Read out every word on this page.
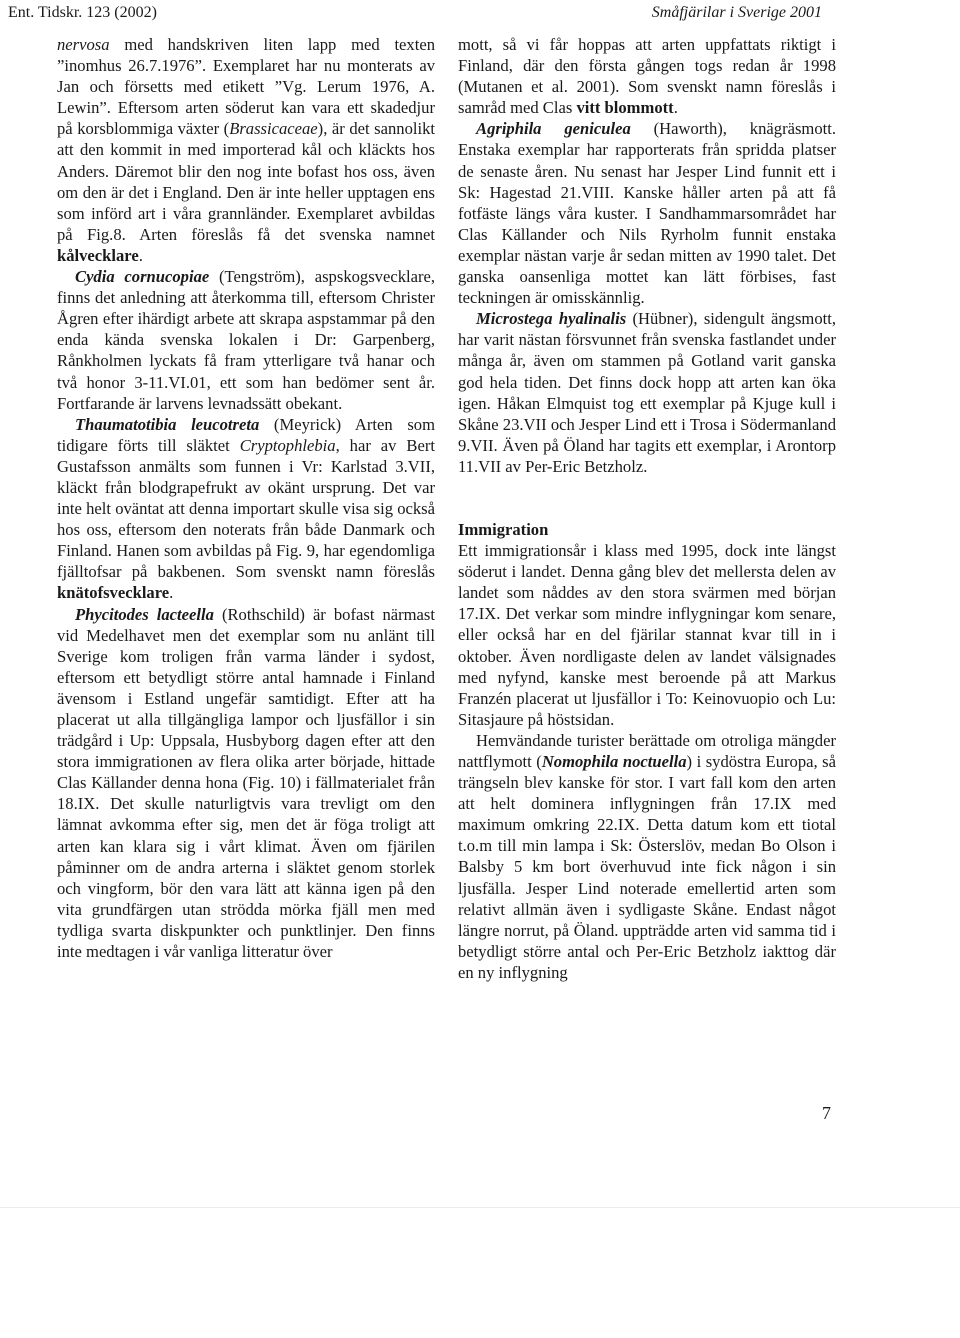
Ent. Tidskr. 123 (2002)	Småfjärilar i Sverige 2001

nervosa med handskriven liten lapp med texten ”inomhus 26.7.1976”. Exemplaret har nu monterats av Jan och försetts med etikett ”Vg. Lerum 1976, A. Lewin”. Eftersom arten söderut kan vara ett skadedjur på korsblommiga växter (Brassicaceae), är det sannolikt att den kommit in med importerad kål och kläckts hos Anders. Däremot blir den nog inte bofast hos oss, även om den är det i England. Den är inte heller upptagen ens som införd art i våra grannländer. Exemplaret avbildas på Fig.8. Arten föreslås få det svenska namnet kålvecklare.

Cydia cornucopiae (Tengström), aspskogsvecklare, finns det anledning att återkomma till, eftersom Christer Ågren efter ihärdigt arbete att skrapa aspstammar på den enda kända svenska lokalen i Dr: Garpenberg, Rånkholmen lyckats få fram ytterligare två hanar och två honor 3-11.VI.01, ett som han bedömer sent år. Fortfarande är larvens levnadssätt obekant.

Thaumatotibia leucotreta (Meyrick) Arten som tidigare förts till släktet Cryptophlebia, har av Bert Gustafsson anmälts som funnen i Vr: Karlstad 3.VII, kläckt från blodgrapefrukt av okänt ursprung. Det var inte helt oväntat att denna importart skulle visa sig också hos oss, eftersom den noterats från både Danmark och Finland. Hanen som avbildas på Fig. 9, har egendomliga fjälltofsar på bakbenen. Som svenskt namn föreslås knätofsvecklare.

Phycitodes lacteella (Rothschild) är bofast närmast vid Medelhavet men det exemplar som nu anlänt till Sverige kom troligen från varma länder i sydost, eftersom ett betydligt större antal hamnade i Finland ävensom i Estland ungefär samtidigt. Efter att ha placerat ut alla tillgängliga lampor och ljusfällor i sin trädgård i Up: Uppsala, Husbyborg dagen efter att den stora immigrationen av flera olika arter började, hittade Clas Källander denna hona (Fig. 10) i fällmaterialet från 18.IX. Det skulle naturligtvis vara trevligt om den lämnat avkomma efter sig, men det är föga troligt att arten kan klara sig i vårt klimat. Även om fjärilen påminner om de andra arterna i släktet genom storlek och vingform, bör den vara lätt att känna igen på den vita grundfärgen utan strödda mörka fjäll men med tydliga svarta diskpunkter och punktlinjer. Den finns inte medtagen i vår vanliga litteratur över

mott, så vi får hoppas att arten uppfattats riktigt i Finland, där den första gången togs redan år 1998 (Mutanen et al. 2001). Som svenskt namn föreslås i samråd med Clas vitt blommott.

Agriphila geniculea (Haworth), knägräsmott. Enstaka exemplar har rapporterats från spridda platser de senaste åren. Nu senast har Jesper Lind funnit ett i Sk: Hagestad 21.VIII. Kanske håller arten på att få fotfäste längs våra kuster. I Sandhammarsområdet har Clas Källander och Nils Ryrholm funnit enstaka exemplar nästan varje år sedan mitten av 1990 talet. Det ganska oansenliga mottet kan lätt förbises, fast teckningen är omisskännlig.

Microstega hyalinalis (Hübner), sidengult ängsmott, har varit nästan försvunnet från svenska fastlandet under många år, även om stammen på Gotland varit ganska god hela tiden. Det finns dock hopp att arten kan öka igen. Håkan Elmquist tog ett exemplar på Kjuge kull i Skåne 23.VII och Jesper Lind ett i Trosa i Södermanland 9.VII. Även på Öland har tagits ett exemplar, i Arontorp 11.VII av Per-Eric Betzholz.

Immigration

Ett immigrationsår i klass med 1995, dock inte längst söderut i landet. Denna gång blev det mellersta delen av landet som nåddes av den stora svärmen med början 17.IX. Det verkar som mindre inflygningar kom senare, eller också har en del fjärilar stannat kvar till in i oktober. Även nordligaste delen av landet välsignades med nyfynd, kanske mest beroende på att Markus Franzén placerat ut ljusfällor i To: Keinovuopio och Lu: Sitasjaure på höstsidan.

Hemvändande turister berättade om otroliga mängder nattflymott (Nomophila noctuella) i sydöstra Europa, så trängseln blev kanske för stor. I vart fall kom den arten att helt dominera inflygningen från 17.IX med maximum omkring 22.IX. Detta datum kom ett tiotal t.o.m till min lampa i Sk: Österslöv, medan Bo Olson i Balsby 5 km bort överhuvud inte fick någon i sin ljusfälla. Jesper Lind noterade emellertid arten som relativt allmän även i sydligaste Skåne. Endast något längre norrut, på Öland. uppträdde arten vid samma tid i betydligt större antal och Per-Eric Betzholz iakttog där en ny inflygning

7
